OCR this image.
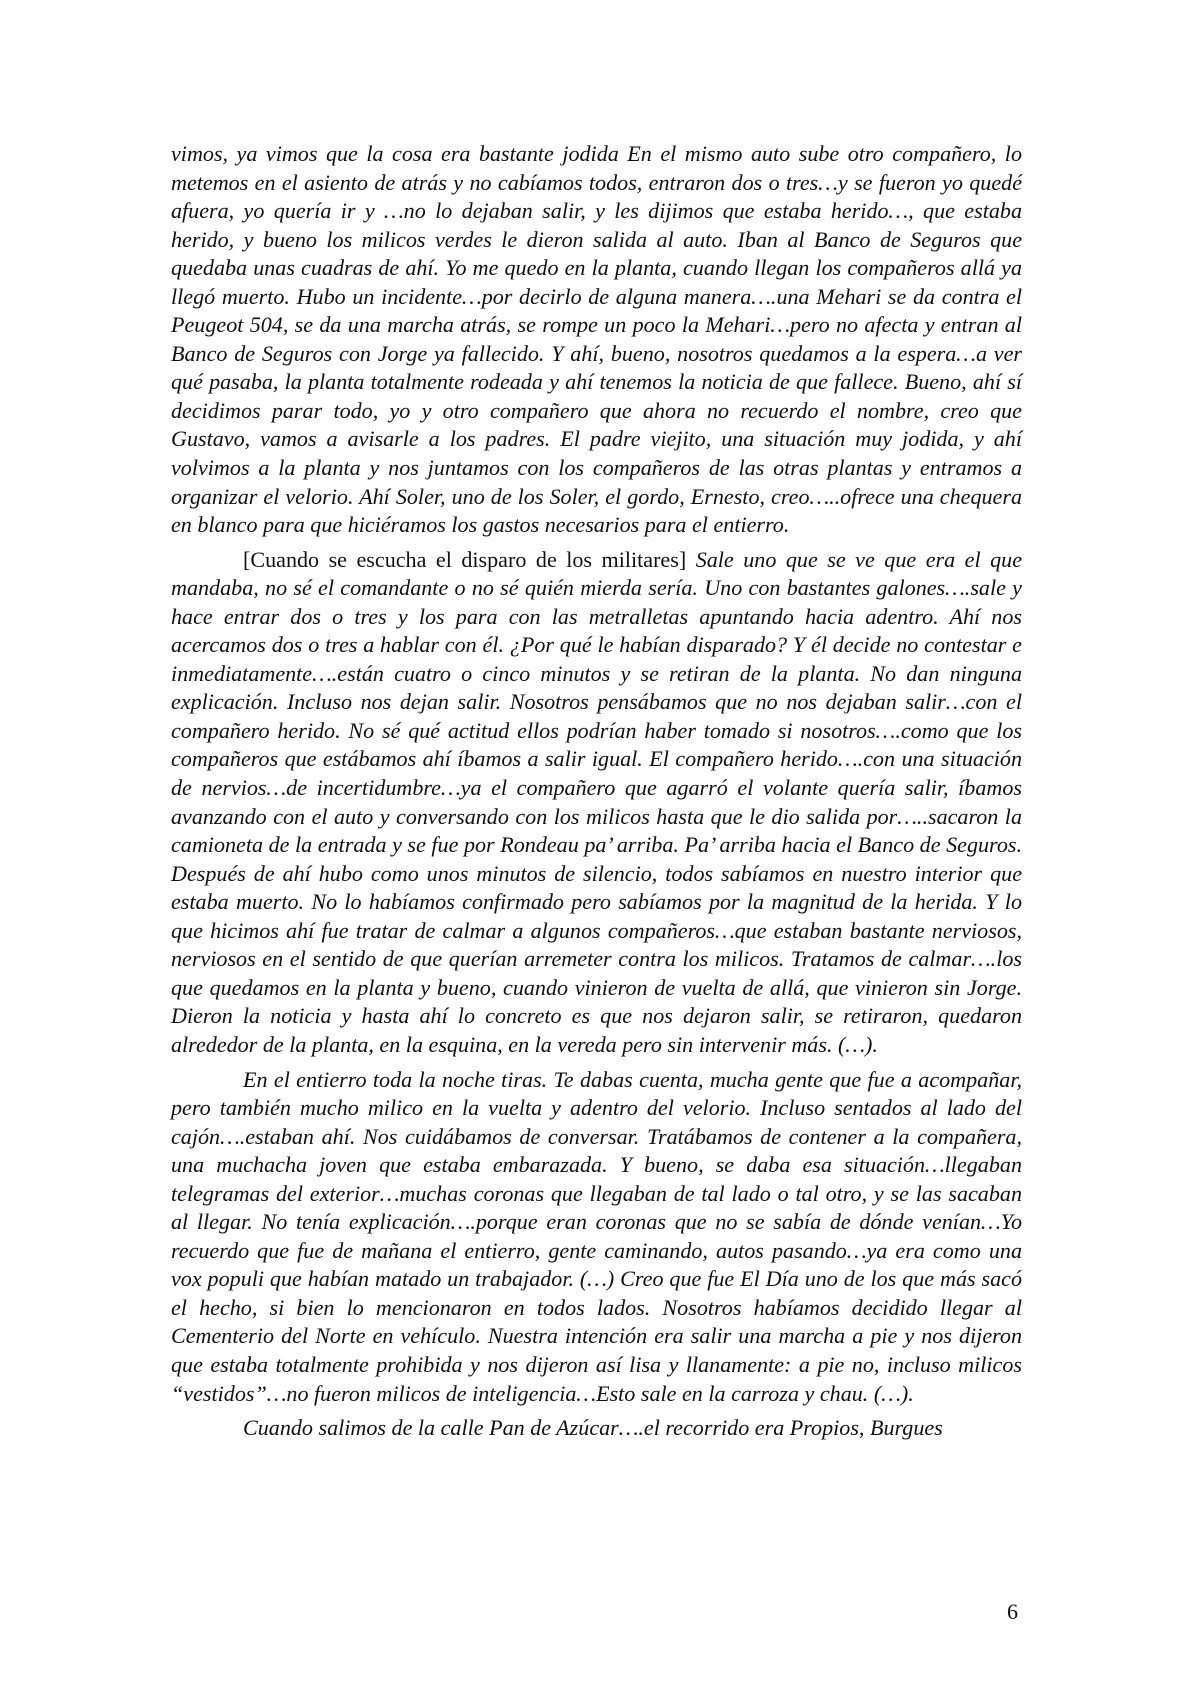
vimos, ya vimos que la cosa era bastante jodida En el mismo auto sube otro compañero, lo metemos en el asiento de atrás y no cabíamos todos, entraron dos o tres…y se fueron yo quedé afuera, yo quería ir y …no lo dejaban salir, y les dijimos que estaba herido…, que estaba herido, y bueno los milicos verdes le dieron salida al auto. Iban al Banco de Seguros que quedaba unas cuadras de ahí. Yo me quedo en la planta, cuando llegan los compañeros allá ya llegó muerto. Hubo un incidente…por decirlo de alguna manera….una Mehari se da contra el Peugeot 504, se da una marcha atrás, se rompe un poco la Mehari…pero no afecta y entran al Banco de Seguros con Jorge ya fallecido. Y ahí, bueno, nosotros quedamos a la espera…a ver qué pasaba, la planta totalmente rodeada y ahí tenemos la noticia de que fallece. Bueno, ahí sí decidimos parar todo, yo y otro compañero que ahora no recuerdo el nombre, creo que Gustavo, vamos a avisarle a los padres. El padre viejito, una situación muy jodida, y ahí volvimos a la planta y nos juntamos con los compañeros de las otras plantas y entramos a organizar el velorio. Ahí Soler, uno de los Soler, el gordo, Ernesto, creo…..ofrece una chequera en blanco para que hiciéramos los gastos necesarios para el entierro.

[Cuando se escucha el disparo de los militares] Sale uno que se ve que era el que mandaba, no sé el comandante o no sé quién mierda sería. Uno con bastantes galones….sale y hace entrar dos o tres y los para con las metralletas apuntando hacia adentro. Ahí nos acercamos dos o tres a hablar con él. ¿Por qué le habían disparado? Y él decide no contestar e inmediatamente….están cuatro o cinco minutos y se retiran de la planta. No dan ninguna explicación. Incluso nos dejan salir. Nosotros pensábamos que no nos dejaban salir…con el compañero herido. No sé qué actitud ellos podrían haber tomado si nosotros….como que los compañeros que estábamos ahí íbamos a salir igual. El compañero herido….con una situación de nervios…de incertidumbre…ya el compañero que agarró el volante quería salir, íbamos avanzando con el auto y conversando con los milicos hasta que le dio salida por…..sacaron la camioneta de la entrada y se fue por Rondeau pa’ arriba. Pa’ arriba hacia el Banco de Seguros. Después de ahí hubo como unos minutos de silencio, todos sabíamos en nuestro interior que estaba muerto. No lo habíamos confirmado pero sabíamos por la magnitud de la herida. Y lo que hicimos ahí fue tratar de calmar a algunos compañeros…que estaban bastante nerviosos, nerviosos en el sentido de que querían arremeter contra los milicos. Tratamos de calmar….los que quedamos en la planta y bueno, cuando vinieron de vuelta de allá, que vinieron sin Jorge. Dieron la noticia y hasta ahí lo concreto es que nos dejaron salir, se retiraron, quedaron alrededor de la planta, en la esquina, en la vereda pero sin intervenir más. (…).

En el entierro toda la noche tiras. Te dabas cuenta, mucha gente que fue a acompañar, pero también mucho milico en la vuelta y adentro del velorio. Incluso sentados al lado del cajón….estaban ahí. Nos cuidábamos de conversar. Tratábamos de contener a la compañera, una muchacha joven que estaba embarazada. Y bueno, se daba esa situación…llegaban telegramas del exterior…muchas coronas que llegaban de tal lado o tal otro, y se las sacaban al llegar. No tenía explicación….porque eran coronas que no se sabía de dónde venían…Yo recuerdo que fue de mañana el entierro, gente caminando, autos pasando…ya era como una vox populi que habían matado un trabajador. (…) Creo que fue El Día uno de los que más sacó el hecho, si bien lo mencionaron en todos lados. Nosotros habíamos decidido llegar al Cementerio del Norte en vehículo. Nuestra intención era salir una marcha a pie y nos dijeron que estaba totalmente prohibida y nos dijeron así lisa y llanamente: a pie no, incluso milicos “vestidos”…no fueron milicos de inteligencia…Esto sale en la carroza y chau. (…).

Cuando salimos de la calle Pan de Azúcar….el recorrido era Propios, Burgues

6
